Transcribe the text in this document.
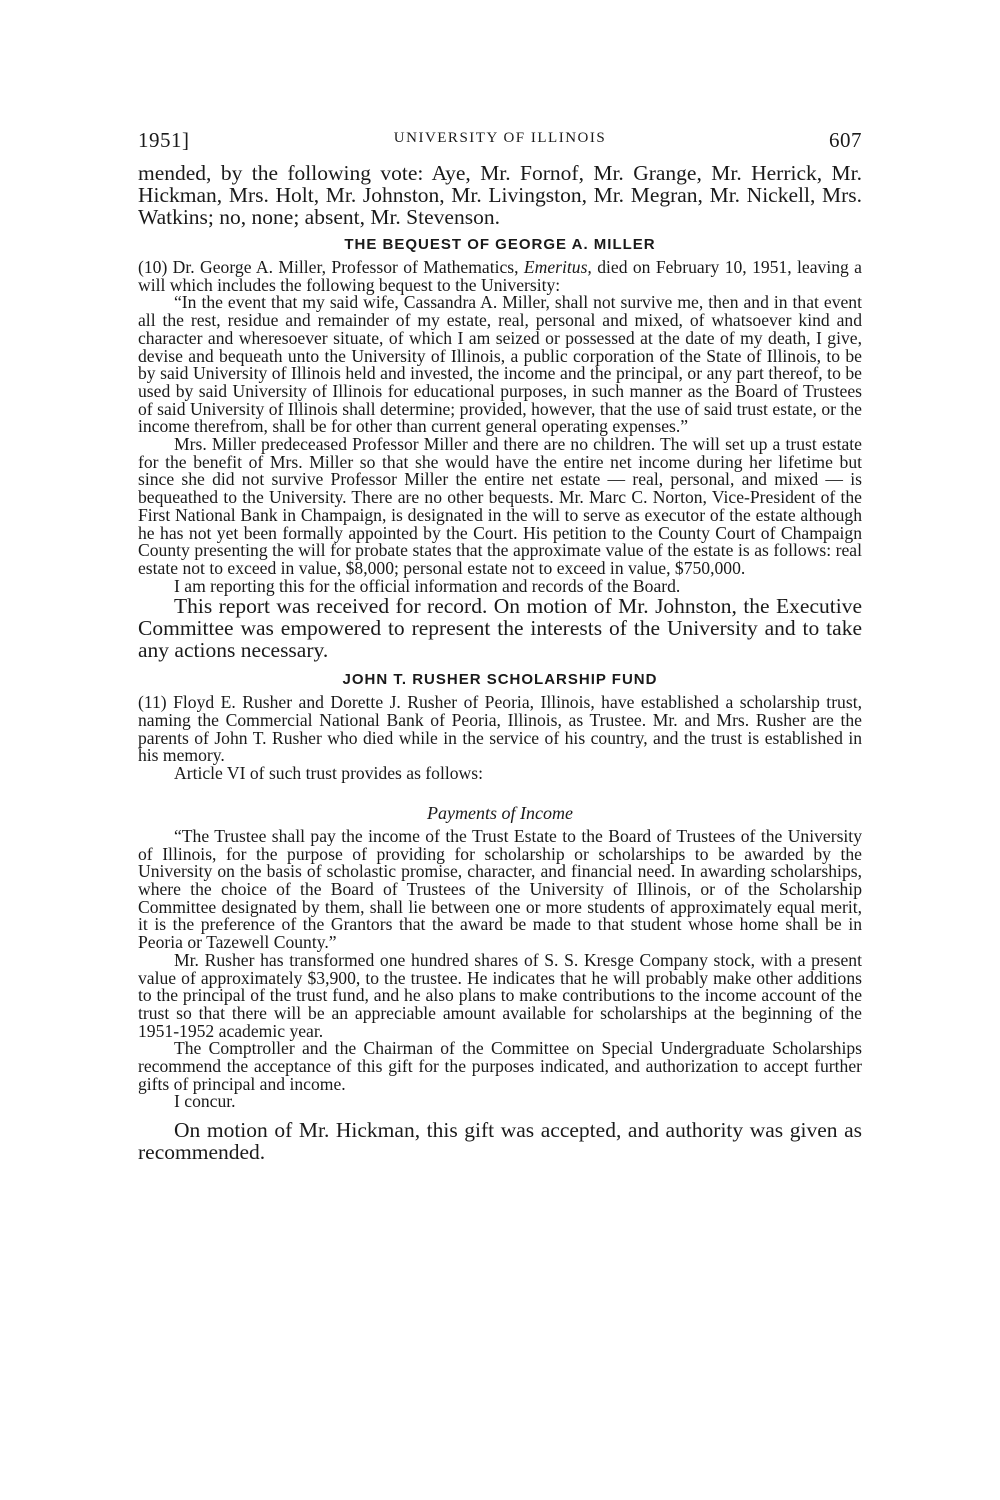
1951]	UNIVERSITY OF ILLINOIS	607

mended, by the following vote: Aye, Mr. Fornof, Mr. Grange, Mr. Herrick, Mr. Hickman, Mrs. Holt, Mr. Johnston, Mr. Livingston, Mr. Megran, Mr. Nickell, Mrs. Watkins; no, none; absent, Mr. Stevenson.

THE BEQUEST OF GEORGE A. MILLER

(10) Dr. George A. Miller, Professor of Mathematics, Emeritus, died on February 10, 1951, leaving a will which includes the following bequest to the University:

“In the event that my said wife, Cassandra A. Miller, shall not survive me, then and in that event all the rest, residue and remainder of my estate, real, personal and mixed, of whatsoever kind and character and wheresoever situate, of which I am seized or possessed at the date of my death, I give, devise and bequeath unto the University of Illinois, a public corporation of the State of Illinois, to be by said University of Illinois held and invested, the income and the principal, or any part thereof, to be used by said University of Illinois for educational purposes, in such manner as the Board of Trustees of said University of Illinois shall determine; provided, however, that the use of said trust estate, or the income therefrom, shall be for other than current general operating expenses.”

Mrs. Miller predeceased Professor Miller and there are no children. The will set up a trust estate for the benefit of Mrs. Miller so that she would have the entire net income during her lifetime but since she did not survive Professor Miller the entire net estate — real, personal, and mixed — is bequeathed to the University. There are no other bequests. Mr. Marc C. Norton, Vice-President of the First National Bank in Champaign, is designated in the will to serve as executor of the estate although he has not yet been formally appointed by the Court. His petition to the County Court of Champaign County presenting the will for probate states that the approximate value of the estate is as follows: real estate not to exceed in value, $8,000; personal estate not to exceed in value, $750,000.

I am reporting this for the official information and records of the Board.

This report was received for record. On motion of Mr. Johnston, the Executive Committee was empowered to represent the interests of the University and to take any actions necessary.

JOHN T. RUSHER SCHOLARSHIP FUND

(11) Floyd E. Rusher and Dorette J. Rusher of Peoria, Illinois, have established a scholarship trust, naming the Commercial National Bank of Peoria, Illinois, as Trustee. Mr. and Mrs. Rusher are the parents of John T. Rusher who died while in the service of his country, and the trust is established in his memory.

Article VI of such trust provides as follows:

Payments of Income

“The Trustee shall pay the income of the Trust Estate to the Board of Trustees of the University of Illinois, for the purpose of providing for scholarship or scholarships to be awarded by the University on the basis of scholastic promise, character, and financial need. In awarding scholarships, where the choice of the Board of Trustees of the University of Illinois, or of the Scholarship Committee designated by them, shall lie between one or more students of approximately equal merit, it is the preference of the Grantors that the award be made to that student whose home shall be in Peoria or Tazewell County.”

Mr. Rusher has transformed one hundred shares of S. S. Kresge Company stock, with a present value of approximately $3,900, to the trustee. He indicates that he will probably make other additions to the principal of the trust fund, and he also plans to make contributions to the income account of the trust so that there will be an appreciable amount available for scholarships at the beginning of the 1951-1952 academic year.

The Comptroller and the Chairman of the Committee on Special Undergraduate Scholarships recommend the acceptance of this gift for the purposes indicated, and authorization to accept further gifts of principal and income.

I concur.

On motion of Mr. Hickman, this gift was accepted, and authority was given as recommended.
